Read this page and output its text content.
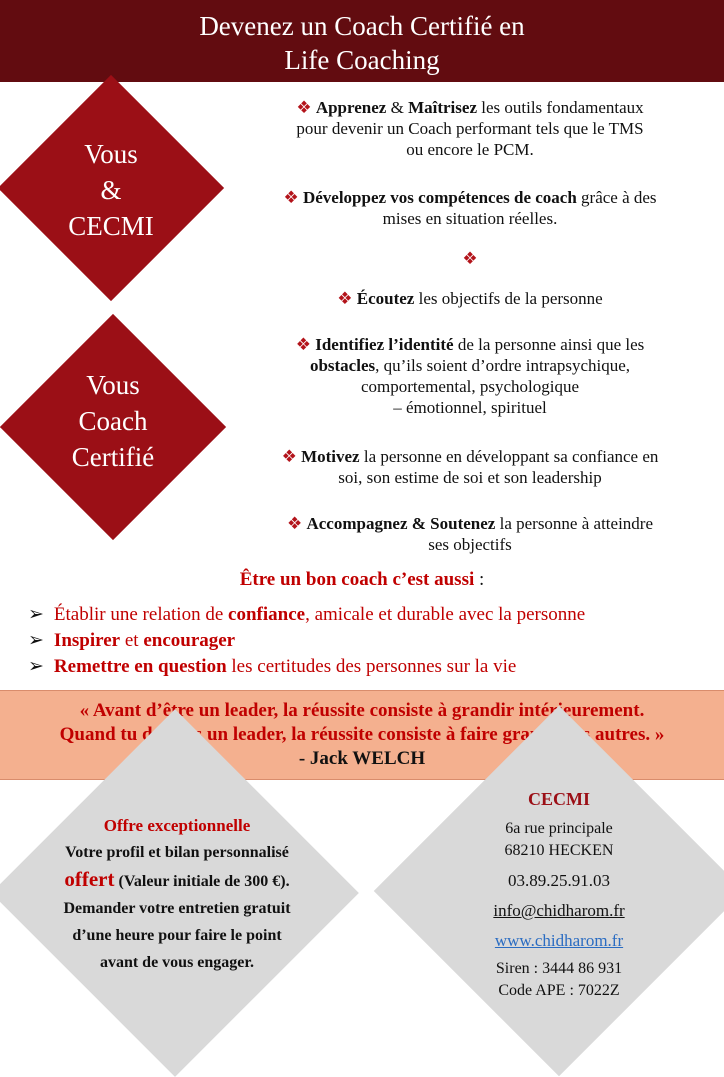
Devenez un Coach Certifié en
Life Coaching
Vous
&
CECMI
Vous
Coach
Certifié
❖ Apprenez & Maîtrisez les outils fondamentaux
pour devenir un Coach performant tels que le TMS
ou encore le PCM.
❖ Développez vos compétences de coach grâce à des
mises en situation réelles.
❖
❖ Écoutez les objectifs de la personne
❖ Identifiez l’identité de la personne ainsi que les
obstacles, qu’ils soient d’ordre intrapsychique,
comportemental, psychologique
– émotionnel, spirituel
❖ Motivez la personne en développant sa confiance en
soi, son estime de soi et son leadership
❖ Accompagnez & Soutenez la personne à atteindre
ses objectifs
Être un bon coach c’est aussi :
➢ Établir une relation de confiance, amicale et durable avec la personne
➢ Inspirer et encourager
➢ Remettre en question les certitudes des personnes sur la vie
« Avant d’être un leader, la réussite consiste à grandir intérieurement.
Quand tu deviens un leader, la réussite consiste à faire grandir les autres. »
- Jack WELCH
Offre exceptionnelle
Votre profil et bilan personnalisé
offert (Valeur initiale de 300 €).
Demander votre entretien gratuit
d’une heure pour faire le point
avant de vous engager.
CECMI
6a rue principale
68210 HECKEN
03.89.25.91.03
info@chidharom.fr
www.chidharom.fr
Siren : 3444 86 931
Code APE : 7022Z
